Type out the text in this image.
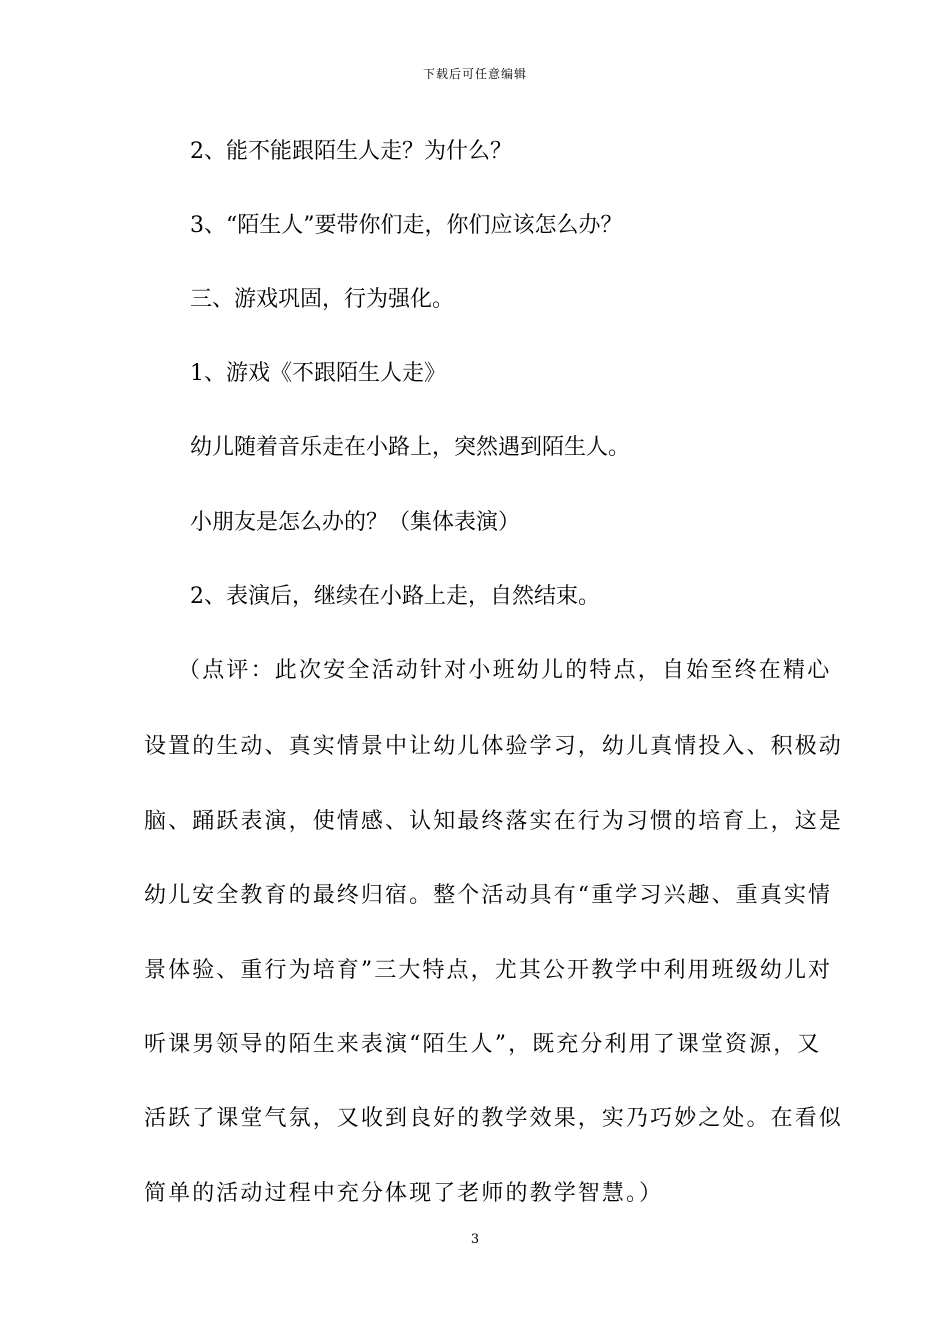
下载后可任意编辑
2、能不能跟陌生人走？为什么？
3、“陌生人”要带你们走，你们应该怎么办？
三、游戏巩固，行为强化。
1、游戏《不跟陌生人走》
幼儿随着音乐走在小路上，突然遇到陌生人。
小朋友是怎么办的？（集体表演）
2、表演后，继续在小路上走，自然结束。
（点评：此次安全活动针对小班幼儿的特点，自始至终在精心
设置的生动、真实情景中让幼儿体验学习，幼儿真情投入、积极动
脑、踊跃表演，使情感、认知最终落实在行为习惯的培育上，这是
幼儿安全教育的最终归宿。整个活动具有“重学习兴趣、重真实情
景体验、重行为培育”三大特点，尤其公开教学中利用班级幼儿对
听课男领导的陌生来表演“陌生人”，既充分利用了课堂资源，又
活跃了课堂气氛，又收到良好的教学效果，实乃巧妙之处。在看似
简单的活动过程中充分体现了老师的教学智慧。）
3
